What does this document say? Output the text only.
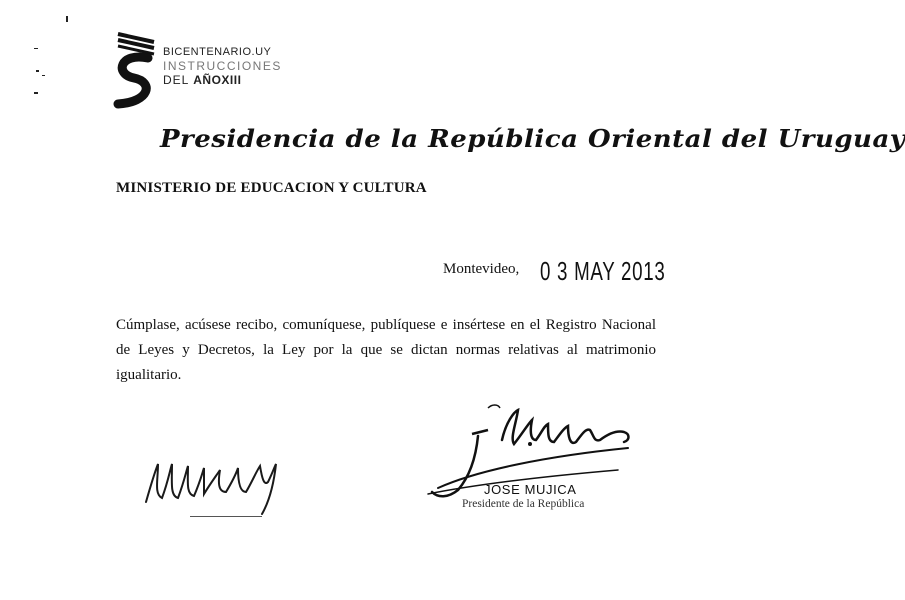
BICENTENARIO.UY
INSTRUCCIONES
DEL AÑOXIII
Presidencia de la República Oriental del Uruguay
MINISTERIO DE EDUCACION Y CULTURA
Montevideo, 0 3 MAY 2013
Cúmplase, acúsese recibo, comuníquese, publíquese e insértese en el Registro Nacional de Leyes y Decretos, la Ley por la que se dictan normas relativas al matrimonio igualitario.
JOSE MUJICA
Presidente de la República
